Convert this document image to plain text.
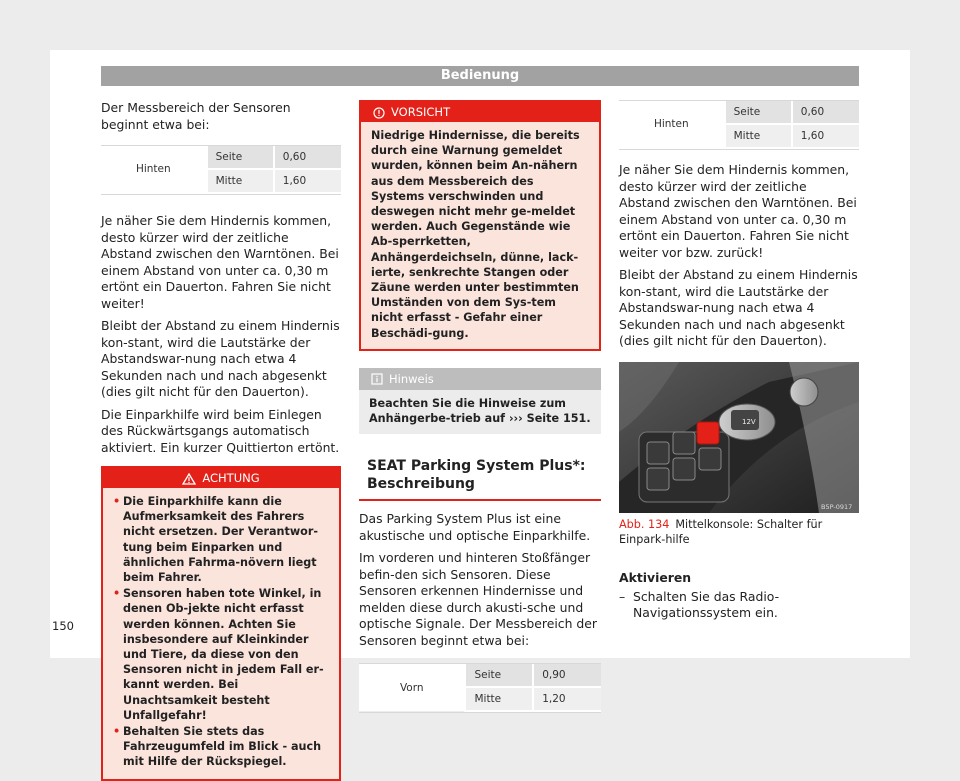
Bedienung

Der Messbereich der Sensoren beginnt etwa bei:

Hinten	Seite	0,60
	Mitte	1,60

Je näher Sie dem Hindernis kommen, desto kürzer wird der zeitliche Abstand zwischen den Warntönen. Bei einem Abstand von unter ca. 0,30 m ertönt ein Dauerton. Fahren Sie nicht weiter!

Bleibt der Abstand zu einem Hindernis kon-stant, wird die Lautstärke der Abstandswar-nung nach etwa 4 Sekunden nach und nach abgesenkt (dies gilt nicht für den Dauerton).

Die Einparkhilfe wird beim Einlegen des Rückwärtsgangs automatisch aktiviert. Ein kurzer Quittierton ertönt.

ACHTUNG
• Die Einparkhilfe kann die Aufmerksamkeit des Fahrers nicht ersetzen. Der Verantwor-tung beim Einparken und ähnlichen Fahrma-növern liegt beim Fahrer.
• Sensoren haben tote Winkel, in denen Ob-jekte nicht erfasst werden können. Achten Sie insbesondere auf Kleinkinder und Tiere, da diese von den Sensoren nicht in jedem Fall er-kannt werden. Bei Unachtsamkeit besteht Unfallgefahr!
• Behalten Sie stets das Fahrzeugumfeld im Blick - auch mit Hilfe der Rückspiegel.
VORSICHT
Niedrige Hindernisse, die bereits durch eine Warnung gemeldet wurden, können beim An-nähern aus dem Messbereich des Systems verschwinden und deswegen nicht mehr ge-meldet werden. Auch Gegenstände wie Ab-sperrketten, Anhängerdeichseln, dünne, lack-ierte, senkrechte Stangen oder Zäune werden unter bestimmten Umständen von dem Sys-tem nicht erfasst - Gefahr einer Beschädi-gung.
Hinweis
Beachten Sie die Hinweise zum Anhängerbe-trieb auf ››› Seite 151.
SEAT Parking System Plus*: Beschreibung

Das Parking System Plus ist eine akustische und optische Einparkhilfe.

Im vorderen und hinteren Stoßfänger befin-den sich Sensoren. Diese Sensoren erkennen Hindernisse und melden diese durch akusti-sche und optische Signale. Der Messbereich der Sensoren beginnt etwa bei:

Vorn	Seite	0,90
	Mitte	1,20
Hinten	Seite	0,60
	Mitte	1,60

Je näher Sie dem Hindernis kommen, desto kürzer wird der zeitliche Abstand zwischen den Warntönen. Bei einem Abstand von unter ca. 0,30 m ertönt ein Dauerton. Fahren Sie nicht weiter vor bzw. zurück!

Bleibt der Abstand zu einem Hindernis kon-stant, wird die Lautstärke der Abstandswar-nung nach etwa 4 Sekunden nach und nach abgesenkt (dies gilt nicht für den Dauerton).

12V
B5P-0917
Abb. 134 Mittelkonsole: Schalter für Einpark-hilfe
Aktivieren
– Schalten Sie das Radio-Navigationssystem ein.
150
